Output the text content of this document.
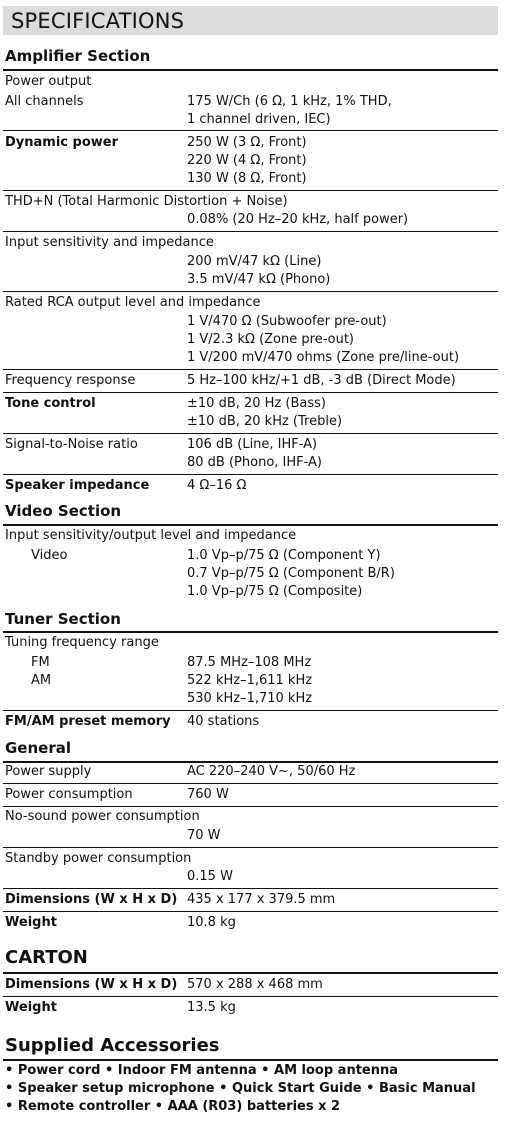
SPECIFICATIONS
Amplifier Section
Power output
All channels	175 W/Ch (6 Ω, 1 kHz, 1% THD,
1 channel driven, IEC)
Dynamic power	250 W (3 Ω, Front)
220 W (4 Ω, Front)
130 W (8 Ω, Front)
THD+N (Total Harmonic Distortion + Noise)
0.08% (20 Hz–20 kHz, half power)
Input sensitivity and impedance
200 mV/47 kΩ (Line)
3.5 mV/47 kΩ (Phono)
Rated RCA output level and impedance
1 V/470 Ω (Subwoofer pre-out)
1 V/2.3 kΩ (Zone pre-out)
1 V/200 mV/470 ohms (Zone pre/line-out)
Frequency response	5 Hz–100 kHz/+1 dB, -3 dB (Direct Mode)
Tone control	±10 dB, 20 Hz (Bass)
±10 dB, 20 kHz (Treble)
Signal-to-Noise ratio	106 dB (Line, IHF-A)
80 dB (Phono, IHF-A)
Speaker impedance	4 Ω–16 Ω
Video Section
Input sensitivity/output level and impedance
Video	1.0 Vp–p/75 Ω (Component Y)
0.7 Vp–p/75 Ω (Component B/R)
1.0 Vp–p/75 Ω (Composite)
Tuner Section
Tuning frequency range
FM	87.5 MHz–108 MHz
AM	522 kHz–1,611 kHz
530 kHz–1,710 kHz
FM/AM preset memory 40 stations
General
Power supply	AC 220–240 V~, 50/60 Hz
Power consumption	760 W
No-sound power consumption
70 W
Standby power consumption
0.15 W
Dimensions (W x H x D) 435 x 177 x 379.5 mm
Weight	10.8 kg
CARTON
Dimensions (W x H x D) 570 x 288 x 468 mm
Weight	13.5 kg
Supplied Accessories
• Power cord • Indoor FM antenna • AM loop antenna
• Speaker setup microphone • Quick Start Guide • Basic Manual
• Remote controller • AAA (R03) batteries x 2
